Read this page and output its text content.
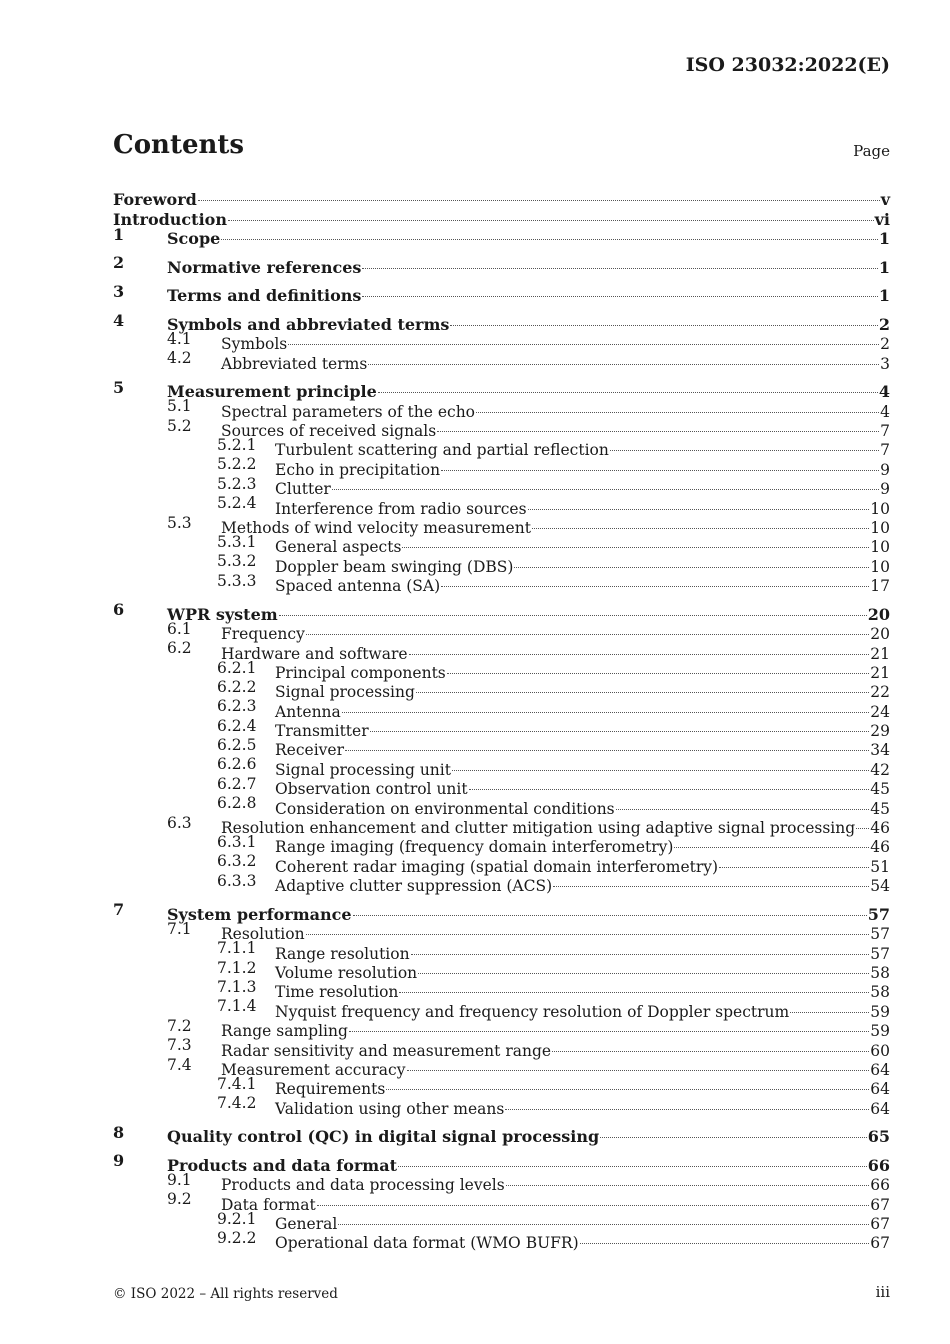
ISO 23032:2022(E)
Contents	Page
Foreword	v
Introduction	vi
1	Scope	1
2	Normative references	1
3	Terms and definitions	1
4	Symbols and abbreviated terms	2
4.1 Symbols	2
4.2 Abbreviated terms	3
5	Measurement principle	4
5.1 Spectral parameters of the echo	4
5.2 Sources of received signals	7
5.2.1 Turbulent scattering and partial reflection	7
5.2.2 Echo in precipitation	9
5.2.3 Clutter	9
5.2.4 Interference from radio sources	10
5.3 Methods of wind velocity measurement	10
5.3.1 General aspects	10
5.3.2 Doppler beam swinging (DBS)	10
5.3.3 Spaced antenna (SA)	17
6	WPR system	20
6.1 Frequency	20
6.2 Hardware and software	21
6.2.1 Principal components	21
6.2.2 Signal processing	22
6.2.3 Antenna	24
6.2.4 Transmitter	29
6.2.5 Receiver	34
6.2.6 Signal processing unit	42
6.2.7 Observation control unit	45
6.2.8 Consideration on environmental conditions	45
6.3 Resolution enhancement and clutter mitigation using adaptive signal processing 46
6.3.1 Range imaging (frequency domain interferometry)	46
6.3.2 Coherent radar imaging (spatial domain interferometry)	51
6.3.3 Adaptive clutter suppression (ACS)	54
7	System performance	57
7.1 Resolution	57
7.1.1 Range resolution	57
7.1.2 Volume resolution	58
7.1.3 Time resolution	58
7.1.4 Nyquist frequency and frequency resolution of Doppler spectrum	59
7.2 Range sampling	59
7.3 Radar sensitivity and measurement range	60
7.4 Measurement accuracy	64
7.4.1 Requirements	64
7.4.2 Validation using other means	64
8	Quality control (QC) in digital signal processing	65
9	Products and data format	66
9.1 Products and data processing levels	66
9.2 Data format	67
9.2.1 General	67
9.2.2 Operational data format (WMO BUFR)	67
© ISO 2022 – All rights reserved	iii
